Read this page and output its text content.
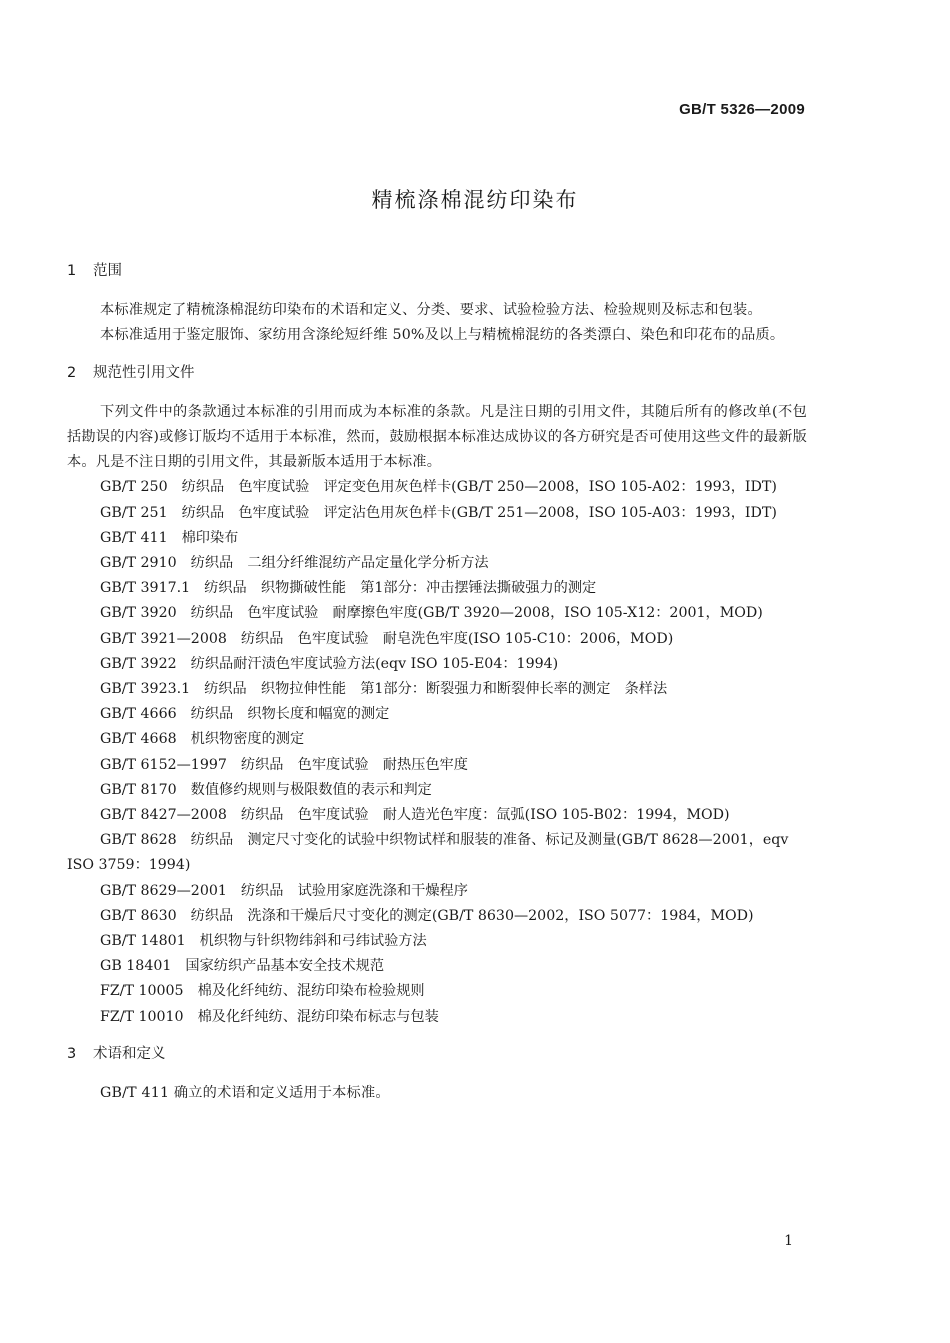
GB/T 5326—2009
精梳涤棉混纺印染布
1 范围

本标准规定了精梳涤棉混纺印染布的术语和定义、分类、要求、试验检验方法、检验规则及标志和包装。

本标准适用于鉴定服饰、家纺用含涤纶短纤维 50%及以上与精梳棉混纺的各类漂白、染色和印花布的品质。

2 规范性引用文件

下列文件中的条款通过本标准的引用而成为本标准的条款。凡是注日期的引用文件，其随后所有的修改单(不包括勘误的内容)或修订版均不适用于本标准，然而，鼓励根据本标准达成协议的各方研究是否可使用这些文件的最新版本。凡是不注日期的引用文件，其最新版本适用于本标准。

GB/T 250 纺织品　色牢度试验　评定变色用灰色样卡(GB/T 250—2008，ISO 105-A02：1993，IDT)

GB/T 251 纺织品　色牢度试验　评定沾色用灰色样卡(GB/T 251—2008，ISO 105-A03：1993，IDT)

GB/T 411 棉印染布

GB/T 2910 纺织品　二组分纤维混纺产品定量化学分析方法

GB/T 3917.1 纺织品　织物撕破性能　第1部分：冲击摆锤法撕破强力的测定

GB/T 3920 纺织品　色牢度试验　耐摩擦色牢度(GB/T 3920—2008，ISO 105-X12：2001，MOD)

GB/T 3921—2008 纺织品　色牢度试验　耐皂洗色牢度(ISO 105-C10：2006，MOD)

GB/T 3922 纺织品耐汗渍色牢度试验方法(eqv ISO 105-E04：1994)

GB/T 3923.1 纺织品　织物拉伸性能　第1部分：断裂强力和断裂伸长率的测定　条样法

GB/T 4666 纺织品　织物长度和幅宽的测定

GB/T 4668 机织物密度的测定

GB/T 6152—1997 纺织品　色牢度试验　耐热压色牢度

GB/T 8170 数值修约规则与极限数值的表示和判定

GB/T 8427—2008 纺织品　色牢度试验　耐人造光色牢度：氙弧(ISO 105-B02：1994，MOD)

GB/T 8628 纺织品　测定尺寸变化的试验中织物试样和服装的准备、标记及测量(GB/T 8628—2001，eqv ISO 3759：1994)

GB/T 8629—2001 纺织品　试验用家庭洗涤和干燥程序

GB/T 8630 纺织品　洗涤和干燥后尺寸变化的测定(GB/T 8630—2002，ISO 5077：1984，MOD)

GB/T 14801 机织物与针织物纬斜和弓纬试验方法

GB 18401 国家纺织产品基本安全技术规范

FZ/T 10005 棉及化纤纯纺、混纺印染布检验规则

FZ/T 10010 棉及化纤纯纺、混纺印染布标志与包装

3 术语和定义

GB/T 411 确立的术语和定义适用于本标准。

1
